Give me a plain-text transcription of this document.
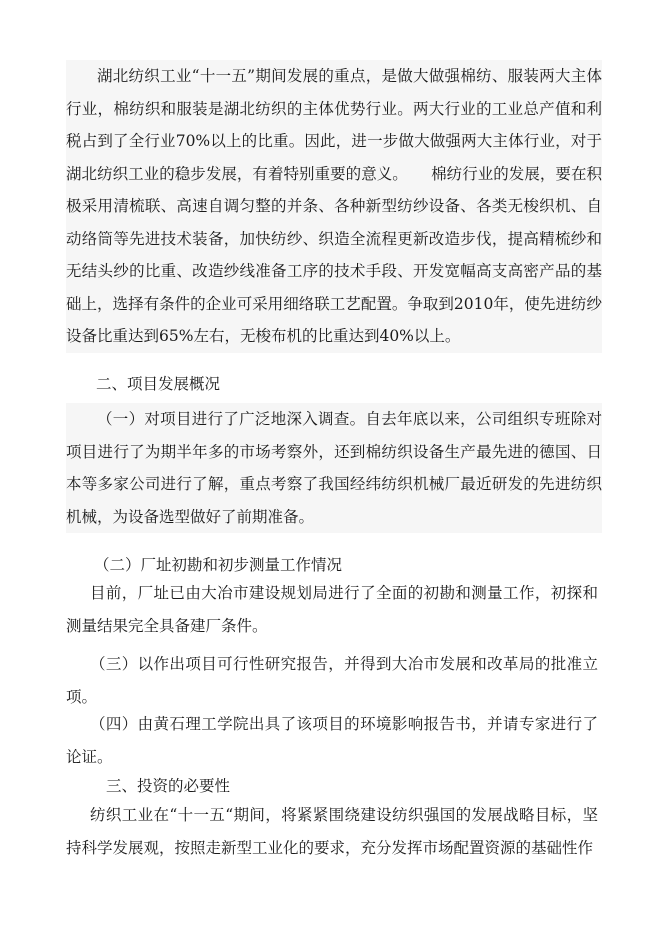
湖北纺织工业“十一五”期间发展的重点，是做大做强棉纺、服装两大主体行业，棉纺织和服装是湖北纺织的主体优势行业。两大行业的工业总产值和利税占到了全行业70%以上的比重。因此，进一步做大做强两大主体行业，对于湖北纺织工业的稳步发展，有着特别重要的意义。　　棉纺行业的发展，要在积极采用清梳联、高速自调匀整的并条、各种新型纺纱设备、各类无梭织机、自动络筒等先进技术装备，加快纺纱、织造全流程更新改造步伐，提高精梳纱和无结头纱的比重、改造纱线准备工序的技术手段、开发宽幅高支高密产品的基础上，选择有条件的企业可采用细络联工艺配置。争取到2010年，使先进纺纱设备比重达到65%左右，无梭布机的比重达到40%以上。
二、项目发展概况
（一）对项目进行了广泛地深入调查。自去年底以来，公司组织专班除对项目进行了为期半年多的市场考察外，还到棉纺织设备生产最先进的德国、日本等多家公司进行了解，重点考察了我国经纬纺织机械厂最近研发的先进纺织机械，为设备选型做好了前期准备。
（二）厂址初勘和初步测量工作情况
目前，厂址已由大冶市建设规划局进行了全面的初勘和测量工作，初探和测量结果完全具备建厂条件。
（三）以作出项目可行性研究报告，并得到大冶市发展和改革局的批准立项。
（四）由黄石理工学院出具了该项目的环境影响报告书，并请专家进行了论证。
三、投资的必要性
纺织工业在“十一五“期间，将紧紧围绕建设纺织强国的发展战略目标，坚持科学发展观，按照走新型工业化的要求，充分发挥市场配置资源的基础性作
